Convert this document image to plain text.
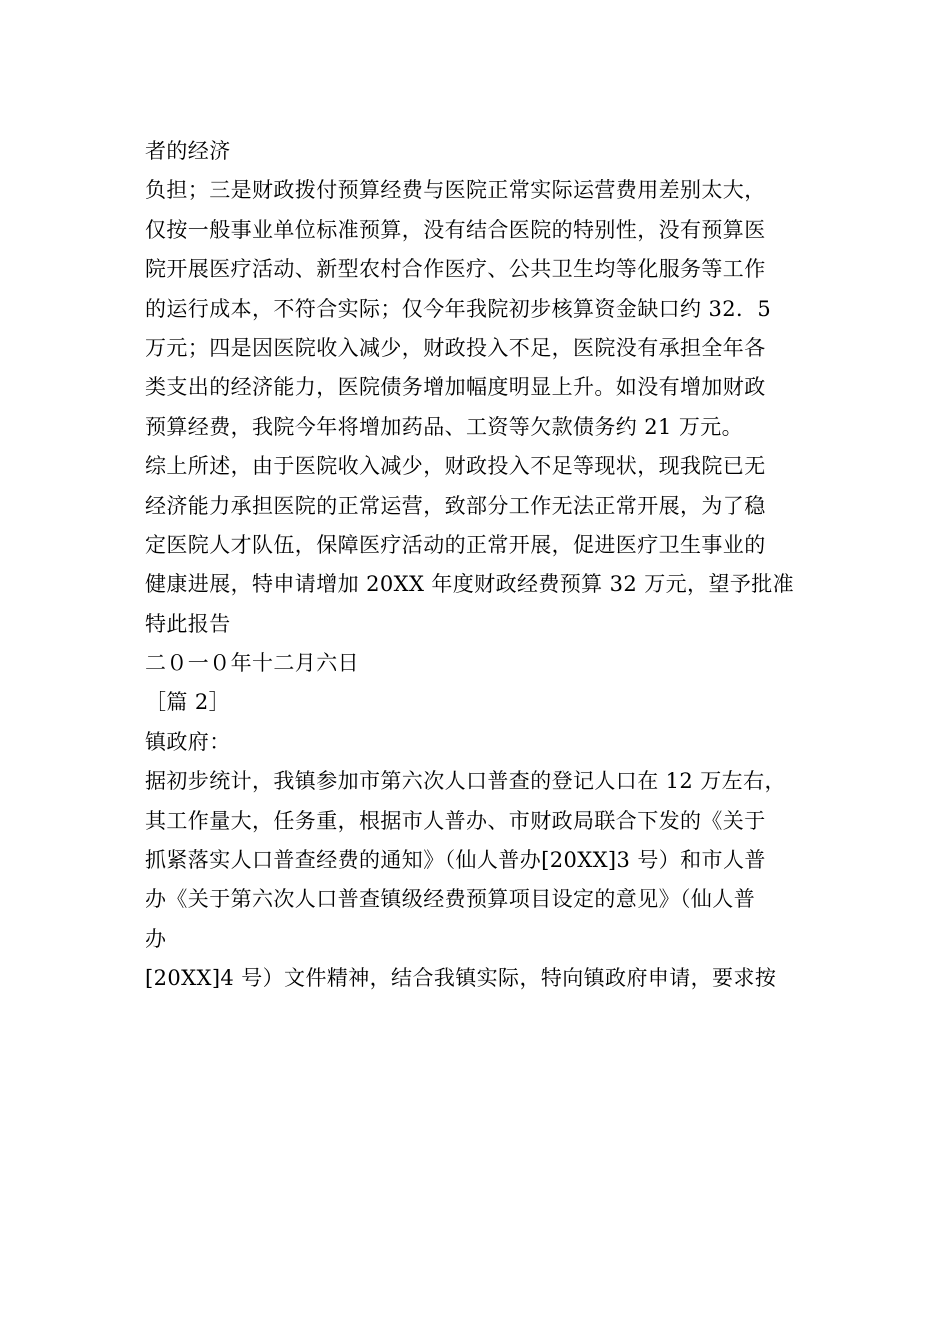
者的经济
负担；三是财政拨付预算经费与医院正常实际运营费用差别太大，
仅按一般事业单位标准预算，没有结合医院的特别性，没有预算医
院开展医疗活动、新型农村合作医疗、公共卫生均等化服务等工作
的运行成本，不符合实际；仅今年我院初步核算资金缺口约 32．5
万元；四是因医院收入减少，财政投入不足，医院没有承担全年各
类支出的经济能力，医院债务增加幅度明显上升。如没有增加财政
预算经费，我院今年将增加药品、工资等欠款债务约 21 万元。
综上所述，由于医院收入减少，财政投入不足等现状，现我院已无
经济能力承担医院的正常运营，致部分工作无法正常开展，为了稳
定医院人才队伍，保障医疗活动的正常开展，促进医疗卫生事业的
健康进展，特申请增加 20XX 年度财政经费预算 32 万元，望予批准
特此报告
二０一０年十二月六日
［篇 2］
镇政府：
据初步统计，我镇参加市第六次人口普查的登记人口在 12 万左右，
其工作量大，任务重，根据市人普办、市财政局联合下发的《关于
抓紧落实人口普查经费的通知》（仙人普办[20XX]3 号）和市人普
办《关于第六次人口普查镇级经费预算项目设定的意见》（仙人普
办
[20XX]4 号）文件精神，结合我镇实际，特向镇政府申请，要求按
